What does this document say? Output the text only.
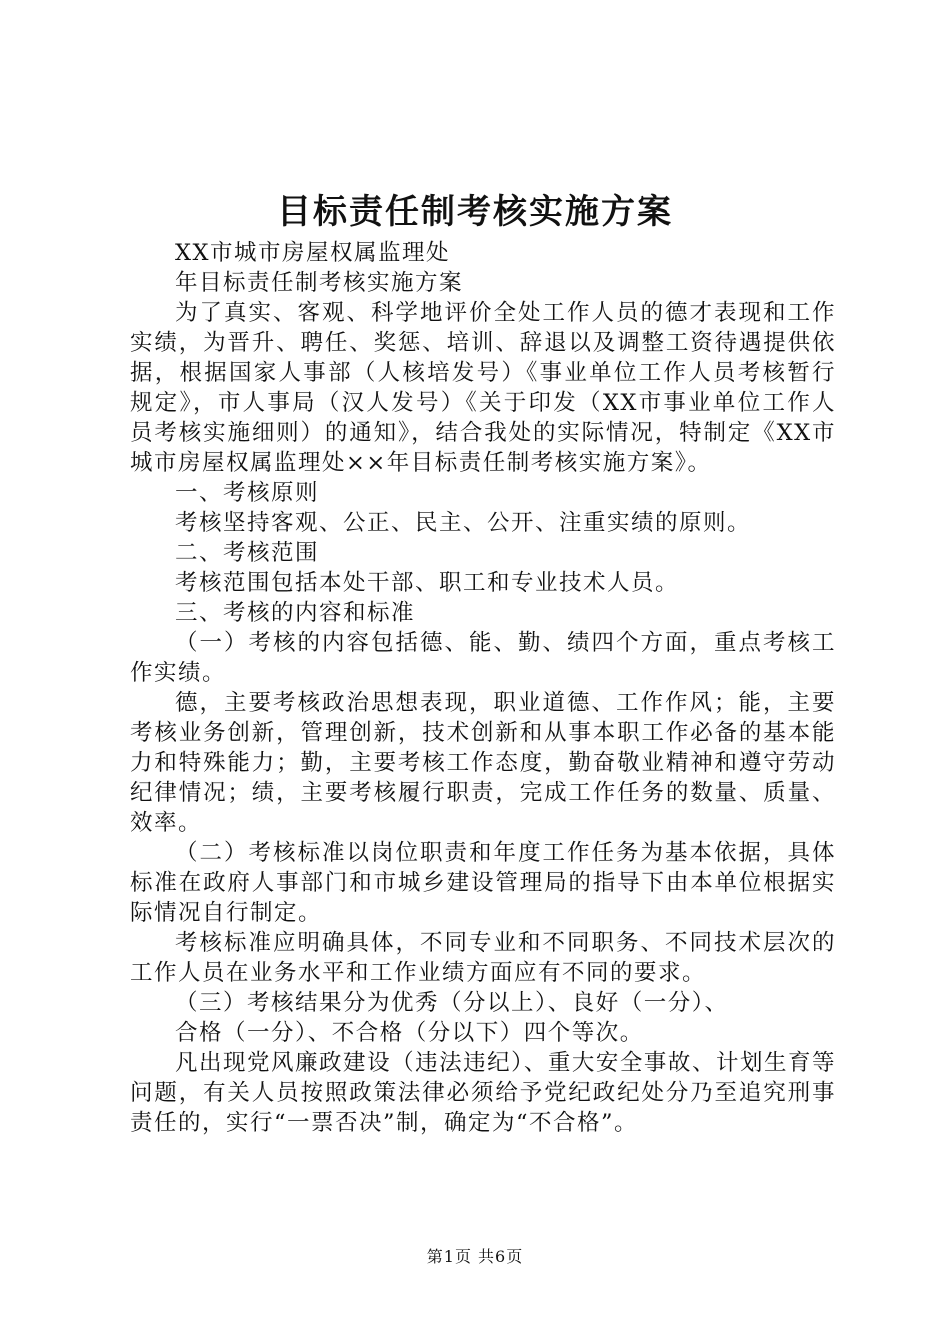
目标责任制考核实施方案

XX市城市房屋权属监理处

年目标责任制考核实施方案

为了真实、客观、科学地评价全处工作人员的德才表现和工作实绩，为晋升、聘任、奖惩、培训、辞退以及调整工资待遇提供依据，根据国家人事部（人核培发号）《事业单位工作人员考核暂行规定》，市人事局（汉人发号）《关于印发（XX市事业单位工作人员考核实施细则）的通知》，结合我处的实际情况，特制定《XX市城市房屋权属监理处××年目标责任制考核实施方案》。

一、考核原则

考核坚持客观、公正、民主、公开、注重实绩的原则。

二、考核范围

考核范围包括本处干部、职工和专业技术人员。

三、考核的内容和标准

（一）考核的内容包括德、能、勤、绩四个方面，重点考核工作实绩。

德，主要考核政治思想表现，职业道德、工作作风；能，主要考核业务创新，管理创新，技术创新和从事本职工作必备的基本能力和特殊能力；勤，主要考核工作态度，勤奋敬业精神和遵守劳动纪律情况；绩，主要考核履行职责，完成工作任务的数量、质量、效率。

（二）考核标准以岗位职责和年度工作任务为基本依据，具体标准在政府人事部门和市城乡建设管理局的指导下由本单位根据实际情况自行制定。

考核标准应明确具体，不同专业和不同职务、不同技术层次的工作人员在业务水平和工作业绩方面应有不同的要求。

（三）考核结果分为优秀（分以上）、良好（一分）、

合格（一分）、不合格（分以下）四个等次。

凡出现党风廉政建设（违法违纪）、重大安全事故、计划生育等问题，有关人员按照政策法律必须给予党纪政纪处分乃至追究刑事责任的，实行“一票否决”制，确定为“不合格”。

第1页 共6页
